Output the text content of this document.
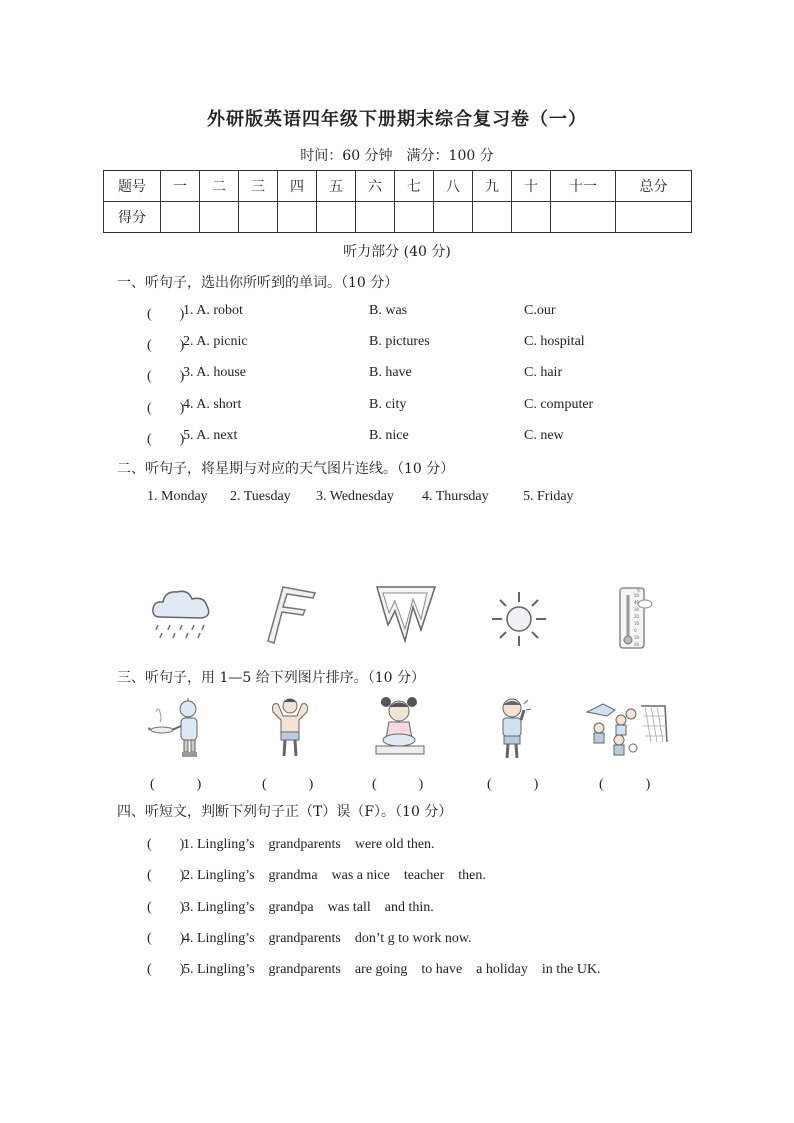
外研版英语四年级下册期末综合复习卷（一）
时间：60 分钟　满分：100 分
题号	一	二	三	四	五	六	七	八	九	十	十一	总分
得分												
听力部分 (40 分)
一、听句子，选出你所听到的单词。（10 分）
(　　)
1. A. robot	B. was	C.our
(　　)
2. A. picnic	B. pictures	C. hospital
(　　)
3. A. house	B. have	C. hair
(　　)
4. A. short	B. city	C. computer
(　　)
5. A. next	B. nice	C. new
二、听句子，将星期与对应的天气图片连线。（10 分）
1. Monday 2. Tuesday 3. Wednesday 4. Thursday 5. Friday
℃
50
40
30
20
10
0
10
20
三、听句子，用 1—5 给下列图片排序。（10 分）
(　　　)	(　　　)	(　　　)	(　　　)	(　　　)
四、听短文，判断下列句子正（T）误（F）。（10 分）
(　　)
1. Lingling’s　grandparents　were old then.
(　　)
2. Lingling’s　grandma　was a nice　teacher　then.
(　　)
3. Lingling’s　grandpa　was tall　and thin.
(　　)
4. Lingling’s　grandparents　don’t g to work now.
(　　)
5. Lingling’s　grandparents　are going　to have　a holiday　in the UK.
